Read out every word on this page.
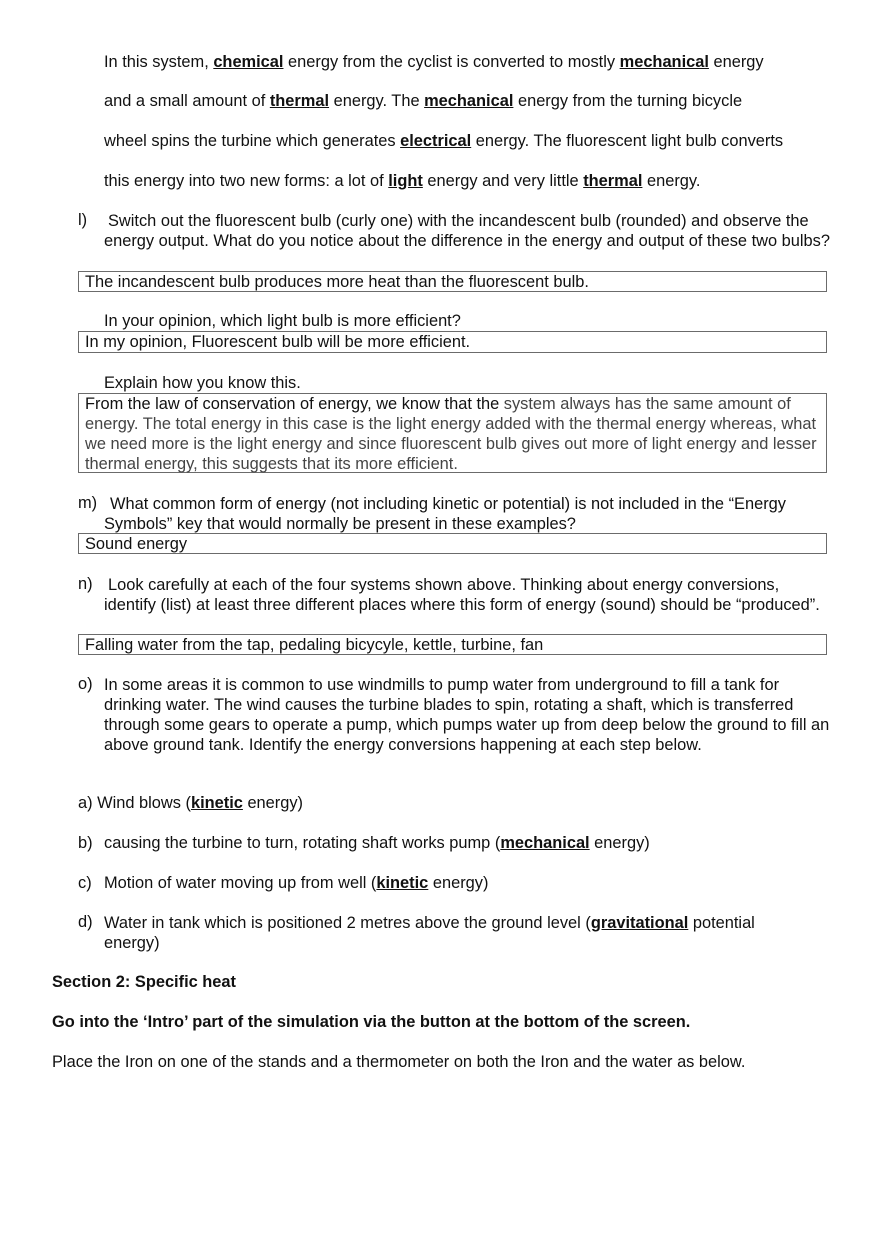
In this system, chemical energy from the cyclist is converted to mostly mechanical energy
and a small amount of thermal energy. The mechanical energy from the turning bicycle
wheel spins the turbine which generates electrical energy. The fluorescent light bulb converts
this energy into two new forms: a lot of light energy and very little thermal energy.
l) Switch out the fluorescent bulb (curly one) with the incandescent bulb (rounded) and observe the energy output. What do you notice about the difference in the energy and output of these two bulbs?
The incandescent bulb produces more heat than the fluorescent bulb.
In your opinion, which light bulb is more efficient?
In my opinion, Fluorescent bulb will be more efficient.
Explain how you know this.
From the law of conservation of energy, we know that the system always has the same amount of energy. The total energy in this case is the light energy added with the thermal energy whereas, what we need more is the light energy and since fluorescent bulb gives out more of light energy and lesser thermal energy, this suggests that its more efficient.
m) What common form of energy (not including kinetic or potential) is not included in the “Energy Symbols” key that would normally be present in these examples?
Sound energy
n) Look carefully at each of the four systems shown above. Thinking about energy conversions, identify (list) at least three different places where this form of energy (sound) should be “produced”.
Falling water from the tap, pedaling bicycyle, kettle, turbine, fan
o) In some areas it is common to use windmills to pump water from underground to fill a tank for drinking water. The wind causes the turbine blades to spin, rotating a shaft, which is transferred through some gears to operate a pump, which pumps water up from deep below the ground to fill an above ground tank. Identify the energy conversions happening at each step below.
a) Wind blows (kinetic energy)
b) causing the turbine to turn, rotating shaft works pump (mechanical energy)
c) Motion of water moving up from well (kinetic energy)
d) Water in tank which is positioned 2 metres above the ground level (gravitational potential energy)
Section 2: Specific heat
Go into the ‘Intro’ part of the simulation via the button at the bottom of the screen.
Place the Iron on one of the stands and a thermometer on both the Iron and the water as below.
